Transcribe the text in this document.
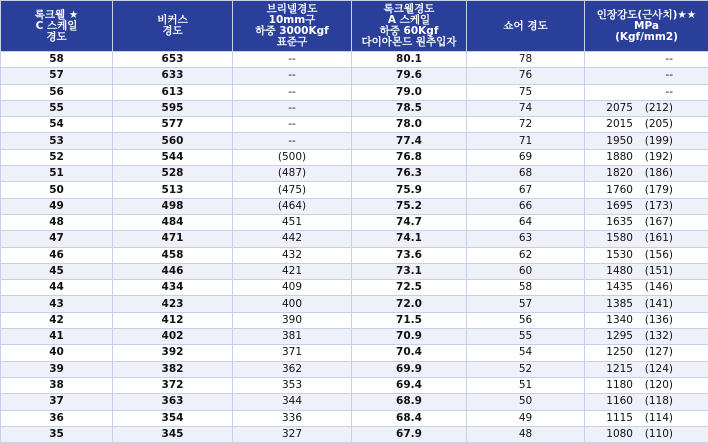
록크웰 ★
C 스케일
경도	비커스
경도	브리넬경도
10mm구
하중 3000Kgf
표준구	록크웰경도
A 스케일
하중 60Kgf
다이아몬드 원추입자	쇼어 경도	인장강도(근사치)★★
MPa
(Kgf/mm2)

58	653	--	80.1	78	--
57	633	--	79.6	76	--
56	613	--	79.0	75	--
55	595	--	78.5	74	2075 (212)
54	577	--	78.0	72	2015 (205)
53	560	--	77.4	71	1950 (199)
52	544	(500)	76.8	69	1880 (192)
51	528	(487)	76.3	68	1820 (186)
50	513	(475)	75.9	67	1760 (179)
49	498	(464)	75.2	66	1695 (173)
48	484	451	74.7	64	1635 (167)
47	471	442	74.1	63	1580 (161)
46	458	432	73.6	62	1530 (156)
45	446	421	73.1	60	1480 (151)
44	434	409	72.5	58	1435 (146)
43	423	400	72.0	57	1385 (141)
42	412	390	71.5	56	1340 (136)
41	402	381	70.9	55	1295 (132)
40	392	371	70.4	54	1250 (127)
39	382	362	69.9	52	1215 (124)
38	372	353	69.4	51	1180 (120)
37	363	344	68.9	50	1160 (118)
36	354	336	68.4	49	1115 (114)
35	345	327	67.9	48	1080 (110)
